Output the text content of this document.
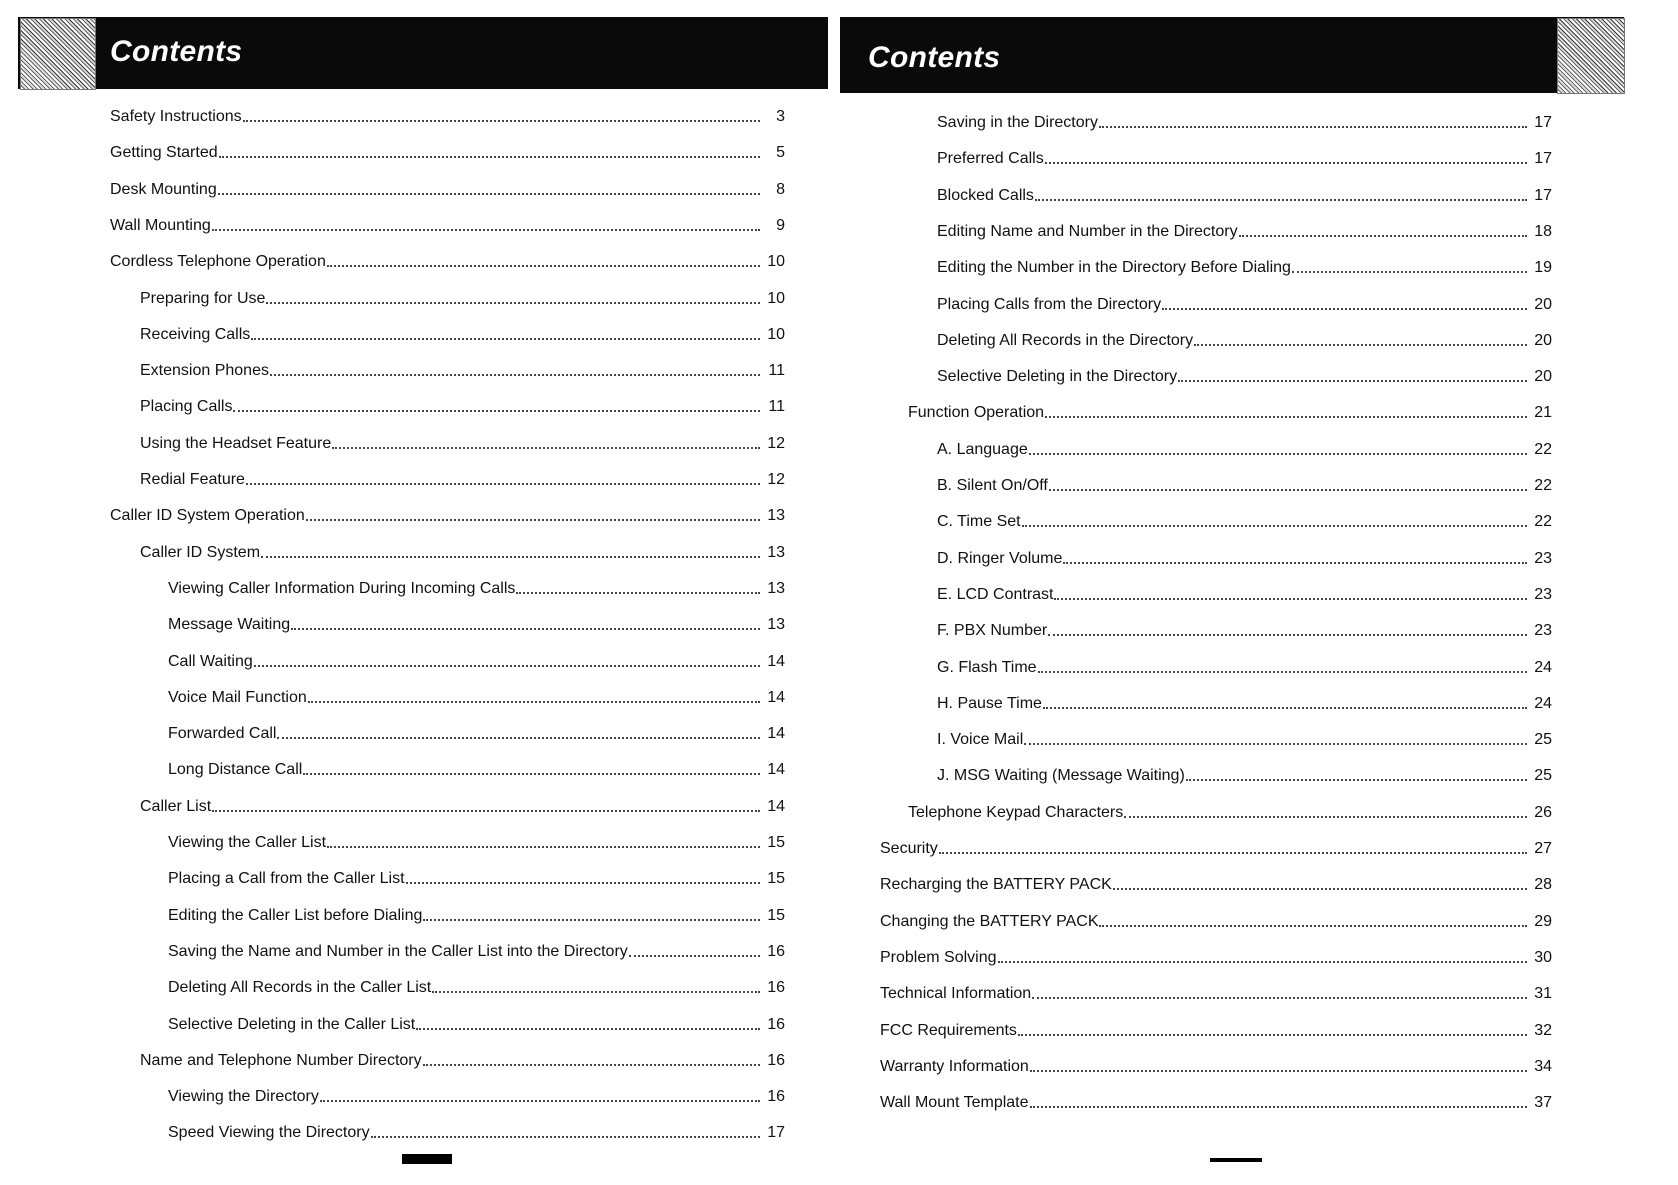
Contents	Contents
Safety Instructions	3
Getting Started	5
Desk Mounting	8
Wall Mounting	9
Cordless Telephone Operation	10
Preparing for Use	10
Receiving Calls	10
Extension Phones	11
Placing Calls	11
Using the Headset Feature	12
Redial Feature	12
Caller ID System Operation	13
Caller ID System	13
Viewing Caller Information During Incoming Calls	13
Message Waiting	13
Call Waiting	14
Voice Mail Function	14
Forwarded Call	14
Long Distance Call	14
Caller List	14
Viewing the Caller List	15
Placing a Call from the Caller List	15
Editing the Caller List before Dialing	15
Saving the Name and Number in the Caller List into the Directory	16
Deleting All Records in the Caller List	16
Selective Deleting in the Caller List	16
Name and Telephone Number Directory	16
Viewing the Directory	16
Speed Viewing the Directory	17
Saving in the Directory	17
Preferred Calls	17
Blocked Calls	17
Editing Name and Number in the Directory	18
Editing the Number in the Directory Before Dialing	19
Placing Calls from the Directory	20
Deleting All Records in the Directory	20
Selective Deleting in the Directory	20
Function Operation	21
A. Language	22
B. Silent On/Off	22
C. Time Set	22
D. Ringer Volume	23
E. LCD Contrast	23
F. PBX Number	23
G. Flash Time	24
H. Pause Time	24
I. Voice Mail	25
J. MSG Waiting (Message Waiting)	25
Telephone Keypad Characters	26
Security	27
Recharging the BATTERY PACK	28
Changing the BATTERY PACK	29
Problem Solving	30
Technical Information	31
FCC Requirements	32
Warranty Information	34
Wall Mount Template	37
